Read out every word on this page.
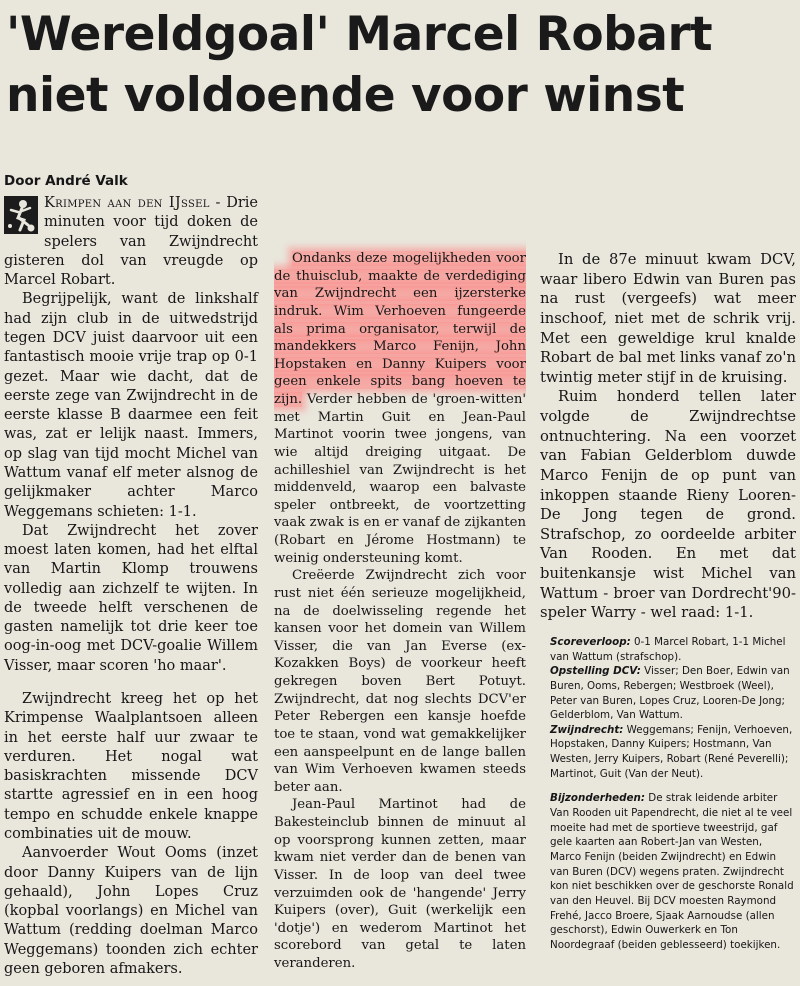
'Wereldgoal' Marcel Robart
niet voldoende voor winst
Door André Valk

Krimpen aan den IJssel - Drie minuten voor tijd doken de spelers van Zwijndrecht gisteren dol van vreugde op Marcel Robart.

Begrijpelijk, want de linkshalf had zijn club in de uitwedstrijd tegen DCV juist daarvoor uit een fantastisch mooie vrije trap op 0-1 gezet. Maar wie dacht, dat de eerste zege van Zwijndrecht in de eerste klasse B daarmee een feit was, zat er lelijk naast. Immers, op slag van tijd mocht Michel van Wattum vanaf elf meter alsnog de gelijkmaker achter Marco Weggemans schieten: 1-1.

Dat Zwijndrecht het zover moest laten komen, had het elftal van Martin Klomp trouwens volledig aan zichzelf te wijten. In de tweede helft verschenen de gasten namelijk tot drie keer toe oog-in-oog met DCV-goalie Willem Visser, maar scoren 'ho maar'.

Zwijndrecht kreeg het op het Krimpense Waalplantsoen alleen in het eerste half uur zwaar te verduren. Het nogal wat basiskrachten missende DCV startte agressief en in een hoog tempo en schudde enkele knappe combinaties uit de mouw.

Aanvoerder Wout Ooms (inzet door Danny Kuipers van de lijn gehaald), John Lopes Cruz (kopbal voorlangs) en Michel van Wattum (redding doelman Marco Weggemans) toonden zich echter geen geboren afmakers.

Ondanks deze mogelijkheden voor de thuisclub, maakte de verdediging van Zwijndrecht een ijzersterke indruk. Wim Verhoeven fungeerde als prima organisator, terwijl de mandekkers Marco Fenijn, John Hopstaken en Danny Kuipers voor geen enkele spits bang hoeven te zijn. Verder hebben de 'groen-witten' met Martin Guit en Jean-Paul Martinot voorin twee jongens, van wie altijd dreiging uitgaat. De achilleshiel van Zwijndrecht is het middenveld, waarop een balvaste speler ontbreekt, de voortzetting vaak zwak is en er vanaf de zijkanten (Robart en Jérome Hostmann) te weinig ondersteuning komt.

Creëerde Zwijndrecht zich voor rust niet één serieuze mogelijkheid, na de doelwisseling regende het kansen voor het domein van Willem Visser, die van Jan Everse (ex-Kozakken Boys) de voorkeur heeft gekregen boven Bert Potuyt. Zwijndrecht, dat nog slechts DCV'er Peter Rebergen een kansje hoefde toe te staan, vond wat gemakkelijker een aanspeelpunt en de lange ballen van Wim Verhoeven kwamen steeds beter aan.

Jean-Paul Martinot had de Bakesteinclub binnen de minuut al op voorsprong kunnen zetten, maar kwam niet verder dan de benen van Visser. In de loop van deel twee verzuimden ook de 'hangende' Jerry Kuipers (over), Guit (werkelijk een 'dotje') en wederom Martinot het scorebord van getal te laten veranderen.

In de 87e minuut kwam DCV, waar libero Edwin van Buren pas na rust (vergeefs) wat meer inschoof, niet met de schrik vrij. Met een geweldige krul knalde Robart de bal met links vanaf zo'n twintig meter stijf in de kruising.

Ruim honderd tellen later volgde de Zwijndrechtse ontnuchtering. Na een voorzet van Fabian Gelderblom duwde Marco Fenijn de op punt van inkoppen staande Rieny Looren-De Jong tegen de grond. Strafschop, zo oordeelde arbiter Van Rooden. En met dat buitenkansje wist Michel van Wattum - broer van Dordrecht'90-speler Warry - wel raad: 1-1.

Scoreverloop: 0-1 Marcel Robart, 1-1 Michel van Wattum (strafschop).

Opstelling DCV: Visser; Den Boer, Edwin van Buren, Ooms, Rebergen; Westbroek (Weel), Peter van Buren, Lopes Cruz, Looren-De Jong; Gelderblom, Van Wattum.

Zwijndrecht: Weggemans; Fenijn, Verhoeven, Hopstaken, Danny Kuipers; Hostmann, Van Westen, Jerry Kuipers, Robart (René Peverelli); Martinot, Guit (Van der Neut).

Bijzonderheden: De strak leidende arbiter Van Rooden uit Papendrecht, die niet al te veel moeite had met de sportieve tweestrijd, gaf gele kaarten aan Robert-Jan van Westen, Marco Fenijn (beiden Zwijndrecht) en Edwin van Buren (DCV) wegens praten. Zwijndrecht kon niet beschikken over de geschorste Ronald van den Heuvel. Bij DCV moesten Raymond Frehé, Jacco Broere, Sjaak Aarnoudse (allen geschorst), Edwin Ouwerkerk en Ton Noordegraaf (beiden geblesseerd) toekijken.
